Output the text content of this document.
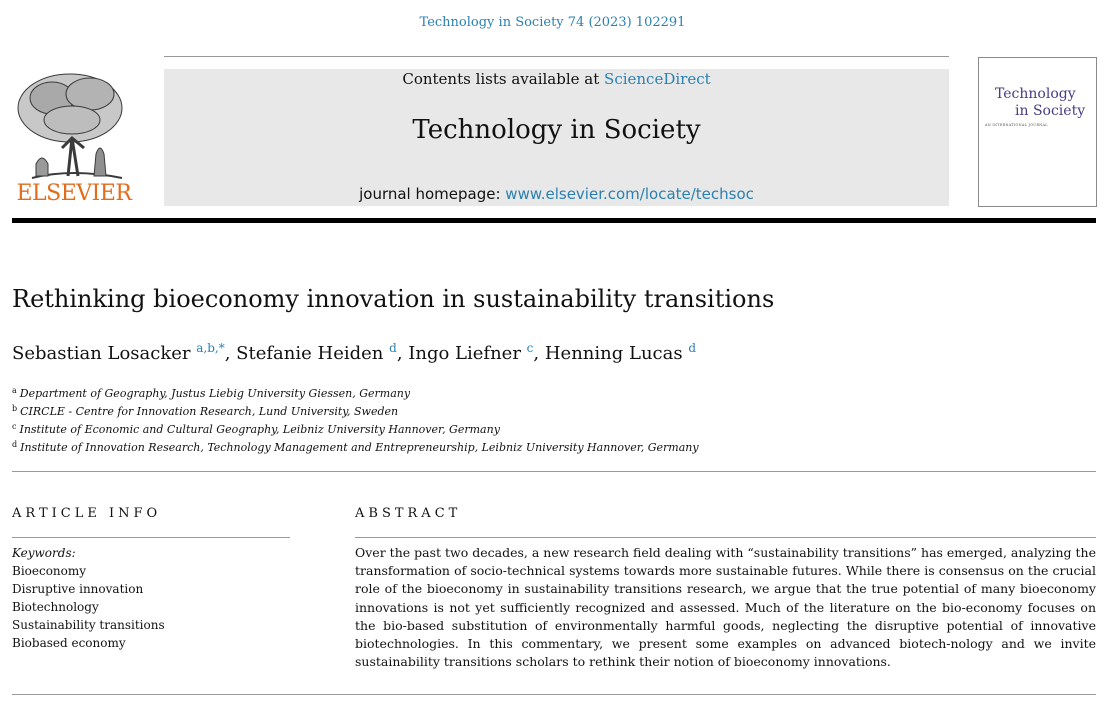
Technology in Society 74 (2023) 102291
ELSEVIER
Contents lists available at ScienceDirect
Technology in Society
journal homepage: www.elsevier.com/locate/techsoc
Technology
in Society
AN INTERNATIONAL JOURNAL
Rethinking bioeconomy innovation in sustainability transitions
Sebastian Losacker $^{a,b,*}$, Stefanie Heiden $^d$, Ingo Liefner $^c$, Henning Lucas $^d$
$^a$ Department of Geography, Justus Liebig University Giessen, Germany
$^b$ CIRCLE - Centre for Innovation Research, Lund University, Sweden
$^c$ Institute of Economic and Cultural Geography, Leibniz University Hannover, Germany
$^d$ Institute of Innovation Research, Technology Management and Entrepreneurship, Leibniz University Hannover, Germany
ARTICLE INFO	ABSTRACT
Keywords:
Bioeconomy
Disruptive innovation
Biotechnology
Sustainability transitions
Biobased economy

Over the past two decades, a new research field dealing with “sustainability transitions” has emerged, analyzing the transformation of socio-technical systems towards more sustainable futures. While there is consensus on the crucial role of the bioeconomy in sustainability transitions research, we argue that the true potential of many bioeconomy innovations is not yet sufficiently recognized and assessed. Much of the literature on the bio-economy focuses on the bio-based substitution of environmentally harmful goods, neglecting the disruptive potential of innovative biotechnologies. In this commentary, we present some examples on advanced biotech-nology and we invite sustainability transitions scholars to rethink their notion of bioeconomy innovations.
